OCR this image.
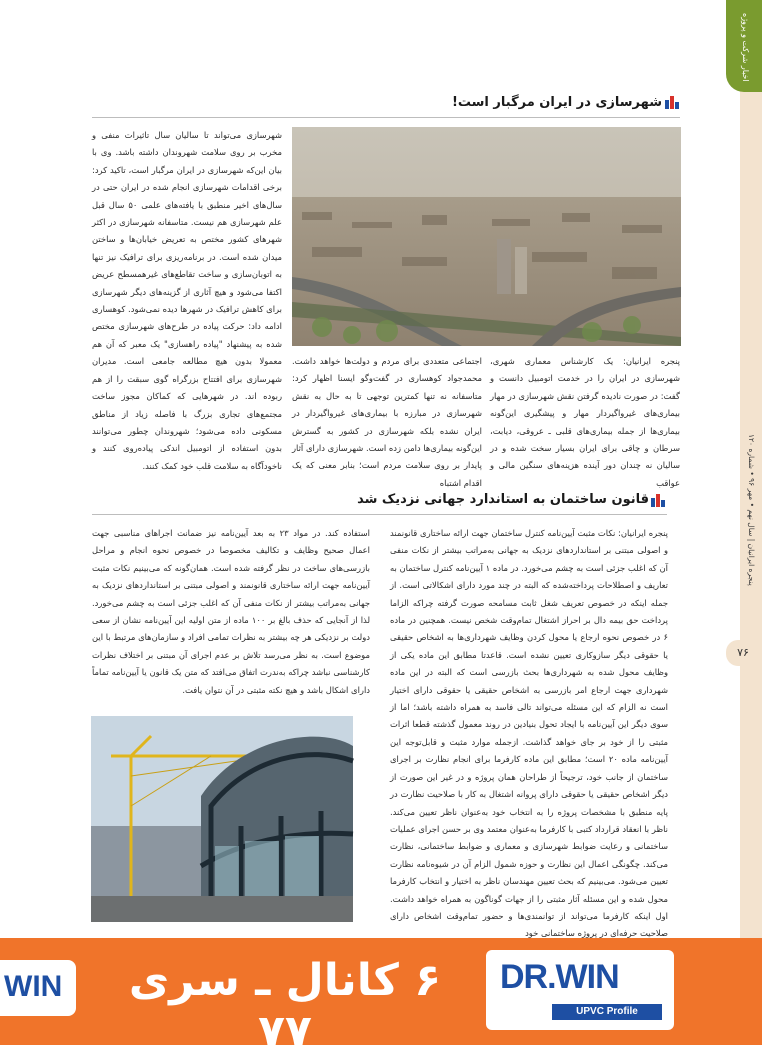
اخبار شرکت و پروژه
پنجره ایرانیان | سال نهم • مهر ۹۶ • شماره ۱۲۰
۷۶
شهرسازی در ایران مرگبار است!
شهرسازی می‌تواند تا سالیان سال تاثیرات منفی و مخرب بر روی سلامت شهروندان داشته باشد. وی با بیان این‌که شهرسازی در ایران مرگبار است، تاکید کرد: برخی اقدامات شهرسازی انجام شده در ایران حتی در سال‌های اخیر منطبق با یافته‌های علمی ۵۰ سال قبل علم شهرسازی هم نیست. متاسفانه شهرسازی در اکثر شهرهای کشور مختص به تعریض خیابان‌ها و ساختن میدان شده است. در برنامه‌ریزی برای ترافیک نیز تنها به اتوبان‌سازی و ساخت تقاطع‌های غیرهمسطح عریض اکتفا می‌شود و هیچ آثاری از گزینه‌های دیگر شهرسازی برای کاهش ترافیک در شهرها دیده نمی‌شود. کوهساری ادامه داد: حرکت پیاده در طرح‌های شهرسازی مختص شده به پیشنهاد "پیاده راهسازی" یک معبر که آن هم معمولا بدون هیچ مطالعه جامعی است. مدیران شهرسازی برای افتتاح بزرگراه گوی سبقت را از هم ربوده اند. در شهرهایی که کماکان مجوز ساخت مجتمع‌های تجاری بزرگ با فاصله زیاد از مناطق مسکونی داده می‌شود؛ شهروندان چطور می‌توانند بدون استفاده از اتومبیل اندکی پیاده‌روی کنند و ناخودآگاه به سلامت قلب خود کمک کنند.
اجتماعی متعددی برای مردم و دولت‌ها خواهد داشت. محمدجواد کوهساری در گفت‌وگو ایسنا اظهار کرد: متاسفانه نه تنها کمترین توجهی تا به حال به نقش شهرسازی در مبارزه با بیماری‌های غیرواگیردار در ایران نشده بلکه شهرسازی در کشور به گسترش این‌گونه بیماری‌ها دامن زده است. شهرسازی دارای آثار پایدار بر روی سلامت مردم است؛ بنابر معنی که یک اقدام اشتباه
پنجره ایرانیان: یک کارشناس معماری شهری، شهرسازی در ایران را در خدمت اتومبیل دانست و گفت: در صورت نادیده گرفتن نقش شهرسازی در مهار بیماری‌های غیرواگیردار مهار و پیشگیری این‌گونه بیماری‌ها از جمله بیماری‌های قلبی ـ عروقی، دیابت، سرطان و چاقی برای ایران بسیار سخت شده و در سالیان نه چندان دور آینده هزینه‌های سنگین مالی و عواقب
قانون ساختمان به استاندارد جهانی نزدیک شد
پنجره ایرانیان: نکات مثبت آیین‌نامه کنترل ساختمان جهت ارائه ساختاری قانونمند و اصولی مبتنی بر استانداردهای نزدیک به جهانی به‌مراتب بیشتر از نکات منفی آن که اغلب جزئی است به چشم می‌خورد. در ماده ۱ آیین‌نامه کنترل ساختمان به تعاریف و اصطلاحات پرداخته‌شده که البته در چند مورد دارای اشکالاتی است. از جمله اینکه در خصوص تعریف شغل ثابت مسامحه صورت گرفته چراکه الزاما پرداخت حق بیمه دال بر احراز اشتغال تمام‌وقت شخص نیست. همچنین در ماده ۶ در خصوص نحوه ارجاع یا محول کردن وظایف شهرداری‌ها به اشخاص حقیقی یا حقوقی دیگر سازوکاری تعیین نشده است. قاعدتا مطابق این ماده یکی از وظایف محول شده به شهرداری‌ها بحث بازرسی است که البته در این ماده شهرداری جهت ارجاع امر بازرسی به اشخاص حقیقی یا حقوقی دارای اختیار است نه الزام که این مسئله می‌تواند تالی فاسد به همراه داشته باشد؛ اما از سوی دیگر این آیین‌نامه با ایجاد تحول بنیادین در روند معمول گذشته قطعا اثرات مثبتی را از خود بر جای خواهد گذاشت. ازجمله موارد مثبت و قابل‌توجه این آیین‌نامه ماده ۲۰ است؛ مطابق این ماده کارفرما برای انجام نظارت بر اجرای ساختمان از جانب خود، ترجیحاً از طراحان همان پروژه و در غیر این صورت از دیگر اشخاص حقیقی یا حقوقی دارای پروانه اشتغال به کار با صلاحیت نظارت در پایه منطبق با مشخصات پروژه را به انتخاب خود به‌عنوان ناظر تعیین می‌کند. ناظر با انعقاد قرارداد کتبی با کارفرما به‌عنوان معتمد وی بر حسن اجرای عملیات ساختمانی و رعایت ضوابط شهرسازی و معماری و ضوابط ساختمانی، نظارت می‌کند. چگونگی اعمال این نظارت و حوزه شمول الزام آن در شیوه‌نامه نظارت تعیین می‌شود. می‌بینیم که بحث تعیین مهندسان ناظر به اختیار و انتخاب کارفرما محول شده و این مسئله آثار مثبتی را از جهات گوناگون به همراه خواهد داشت. اول اینکه کارفرما می‌تواند از توانمندی‌ها و حضور تمام‌وقت اشخاص دارای صلاحیت حرفه‌ای در پروژه ساختمانی خود
استفاده کند. در مواد ۲۳ به بعد آیین‌نامه نیز ضمانت اجراهای مناسبی جهت اعمال صحیح وظایف و تکالیف مخصوصا در خصوص نحوه انجام و مراحل بازرسی‌های ساخت در نظر گرفته شده است. همان‌گونه که می‌بینیم نکات مثبت آیین‌نامه جهت ارائه ساختاری قانونمند و اصولی مبتنی بر استانداردهای نزدیک به جهانی به‌مراتب بیشتر از نکات منفی آن که اغلب جزئی است به چشم می‌خورد. لذا از آنجایی که حذف بالغ بر ۱۰۰ ماده از متن اولیه این آیین‌نامه نشان از سعی دولت بر نزدیکی هر چه بیشتر به نظرات تمامی افراد و سازمان‌های مرتبط با این موضوع است. به نظر می‌رسد تلاش بر عدم اجرای آن مبتنی بر اختلاف نظرات کارشناسی نباشد چراکه به‌ندرت اتفاق می‌افتد که متن یک قانون یا آیین‌نامه تماماً دارای اشکال باشد و هیچ نکته مثبتی در آن نتوان یافت.
۶ کانال ـ سری ۷۷
DR.WIN
UPVC Profile
WIN
